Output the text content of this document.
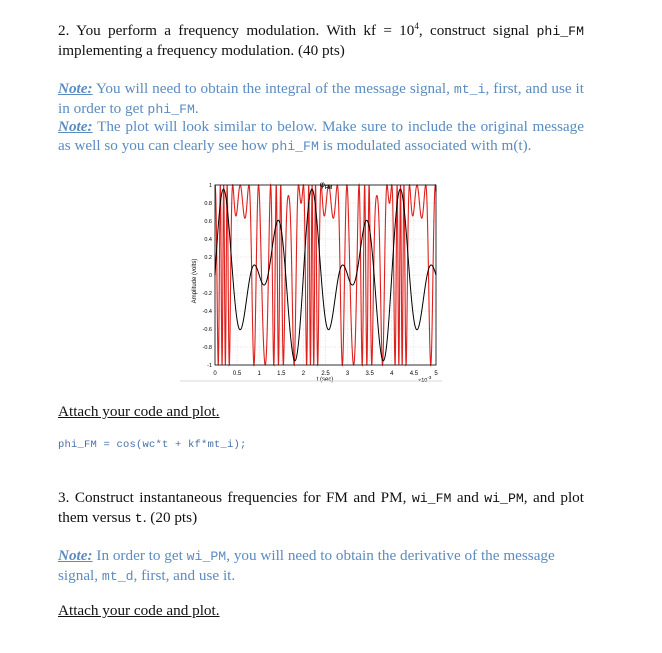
2. You perform a frequency modulation. With kf = $10^4$, construct signal phi_FM implementing a frequency modulation. (40 pts)
Note: You will need to obtain the integral of the message signal, mt_i, first, and use it in order to get phi_FM.
Note: The plot will look similar to below. Make sure to include the original message as well so you can clearly see how phi_FM is modulated associated with m(t).
0	0.5	1	1.5	2	2.5	3	3.5	4	4.5	5
1
0.8
0.6
0.4
0.2
0
-0.2
-0.4
-0.6
-0.8
-1
$\varphi_{FM}$
t (sec)
Amplitude (volts)
$\times 10^{-3}$
Attach your code and plot.
phi_FM = cos(wc*t + kf*mt_i);
3. Construct instantaneous frequencies for FM and PM, wi_FM and wi_PM, and plot them versus t. (20 pts)
Note: In order to get wi_PM, you will need to obtain the derivative of the message signal, mt_d, first, and use it.
Attach your code and plot.
